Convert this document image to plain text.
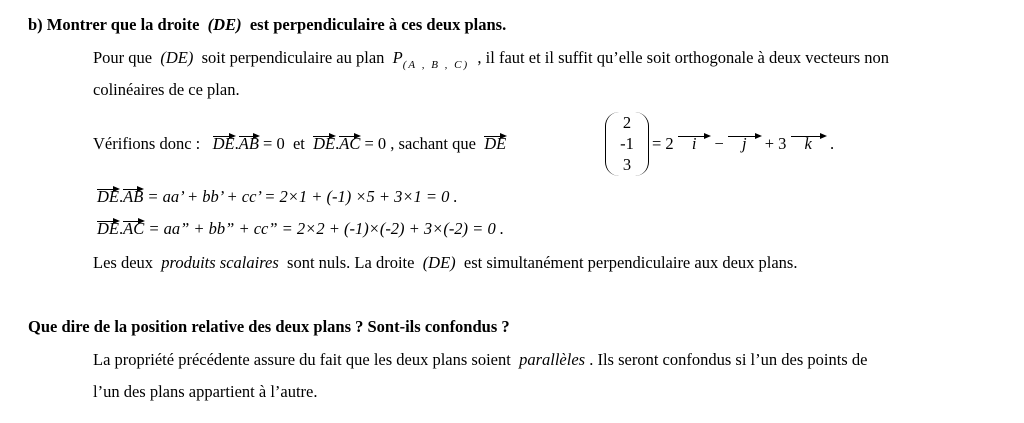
b) Montrer que la droite (DE) est perpendiculaire à ces deux plans.
Pour que (DE) soit perpendiculaire au plan $P_{(A , B , C)}$ , il faut et il suffit qu’elle soit orthogonale à deux vecteurs non
colinéaires de ce plan.
Vérifions donc : DE.AB = 0 et DE.AC = 0 , sachant que DE
2
-1
3
= 2 i − j + 3 k .
DE.AB = aa’ + bb’ + cc’ = 2×1 + (-1) ×5 + 3×1 = 0 .
DE.AC = aa” + bb” + cc” = 2×2 + (-1)×(-2) + 3×(-2) = 0 .
Les deux produits scalaires sont nuls. La droite (DE) est simultanément perpendiculaire aux deux plans.
Que dire de la position relative des deux plans ? Sont-ils confondus ?
La propriété précédente assure du fait que les deux plans soient parallèles . Ils seront confondus si l’un des points de
l’un des plans appartient à l’autre.
